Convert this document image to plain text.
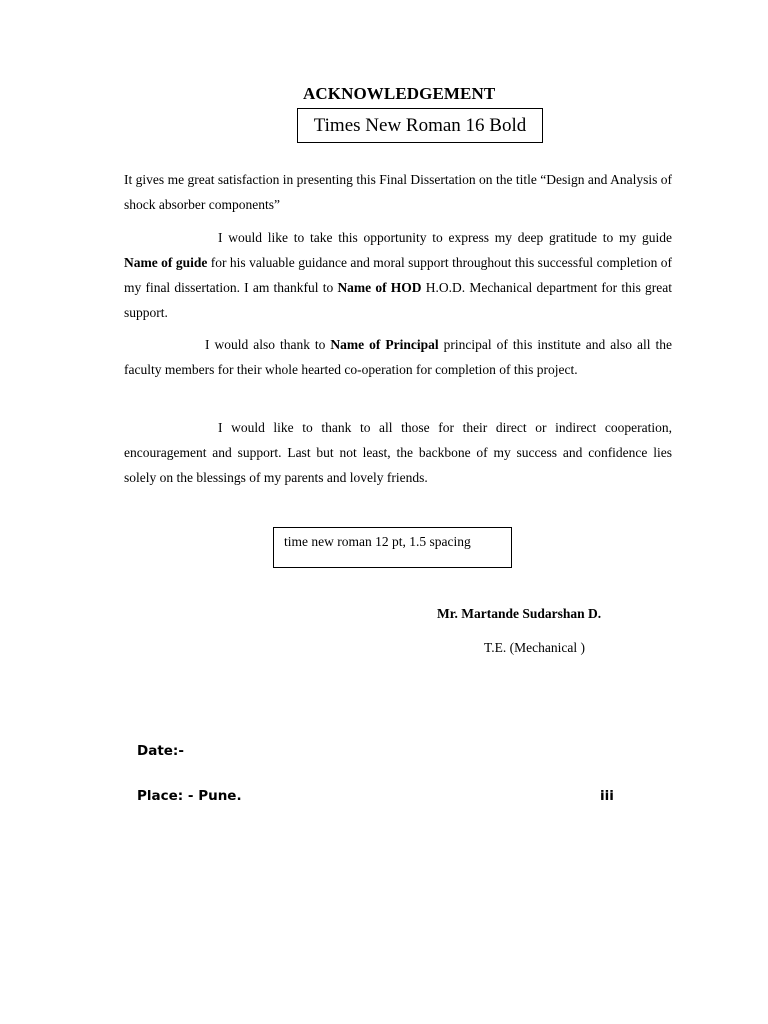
ACKNOWLEDGEMENT
Times New Roman 16 Bold

It gives me great satisfaction in presenting this Final Dissertation on the title “Design and Analysis of shock absorber components”

I would like to take this opportunity to express my deep gratitude to my guide Name of guide for his valuable guidance and moral support throughout this successful completion of my final dissertation. I am thankful to Name of HOD H.O.D. Mechanical department for this great support.

I would also thank to Name of Principal principal of this institute and also all the faculty members for their whole hearted co-operation for completion of this project.

I would like to thank to all those for their direct or indirect cooperation, encouragement and support. Last but not least, the backbone of my success and confidence lies solely on the blessings of my parents and lovely friends.

time new roman 12 pt, 1.5 spacing
Mr. Martande Sudarshan D.
T.E. (Mechanical )
Date:-
Place: - Pune.	iii
